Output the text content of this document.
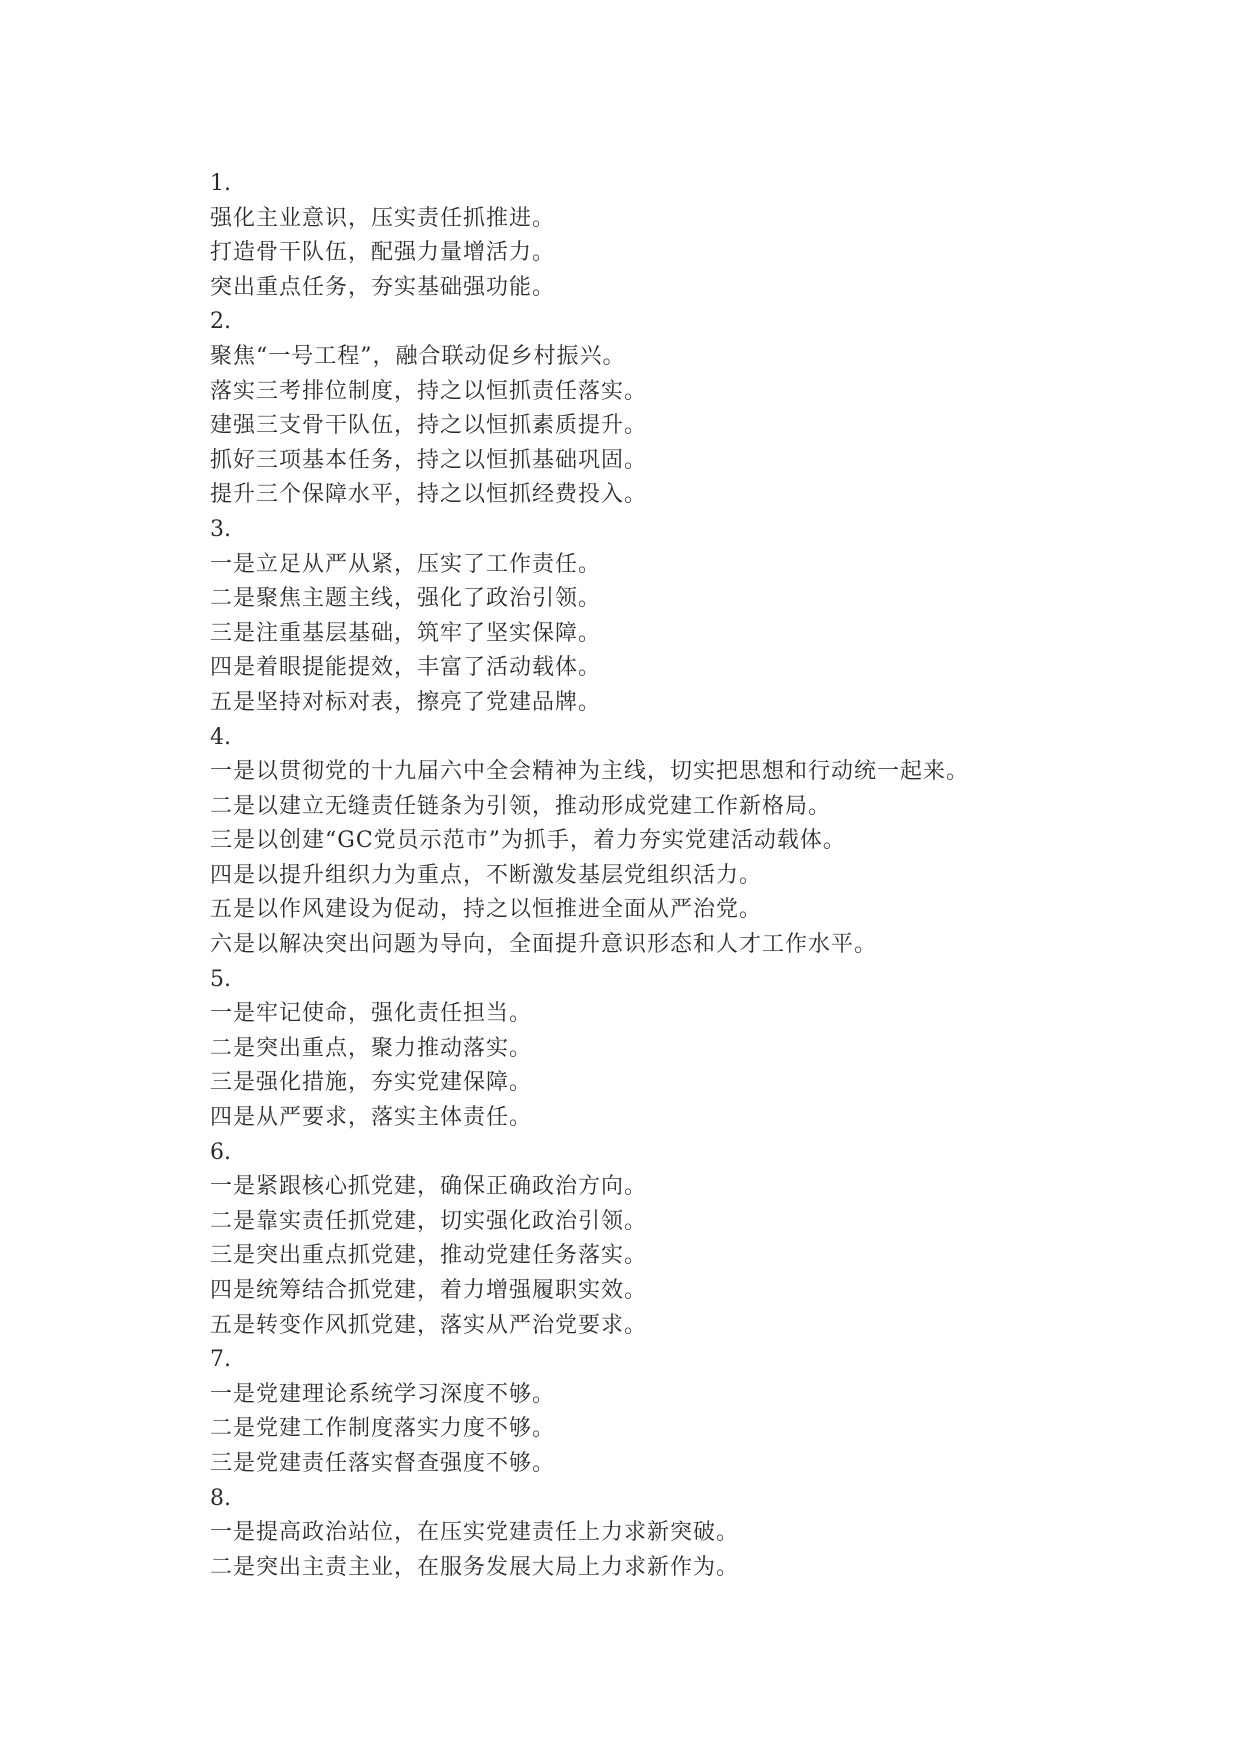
1.
强化主业意识，压实责任抓推进。
打造骨干队伍，配强力量增活力。
突出重点任务，夯实基础强功能。
2.
聚焦“一号工程”，融合联动促乡村振兴。
落实三考排位制度，持之以恒抓责任落实。
建强三支骨干队伍，持之以恒抓素质提升。
抓好三项基本任务，持之以恒抓基础巩固。
提升三个保障水平，持之以恒抓经费投入。
3.
一是立足从严从紧，压实了工作责任。
二是聚焦主题主线，强化了政治引领。
三是注重基层基础，筑牢了坚实保障。
四是着眼提能提效，丰富了活动载体。
五是坚持对标对表，擦亮了党建品牌。
4.
一是以贯彻党的十九届六中全会精神为主线，切实把思想和行动统一起来。
二是以建立无缝责任链条为引领，推动形成党建工作新格局。
三是以创建“GC党员示范市”为抓手，着力夯实党建活动载体。
四是以提升组织力为重点，不断激发基层党组织活力。
五是以作风建设为促动，持之以恒推进全面从严治党。
六是以解决突出问题为导向，全面提升意识形态和人才工作水平。
5.
一是牢记使命，强化责任担当。
二是突出重点，聚力推动落实。
三是强化措施，夯实党建保障。
四是从严要求，落实主体责任。
6.
一是紧跟核心抓党建，确保正确政治方向。
二是靠实责任抓党建，切实强化政治引领。
三是突出重点抓党建，推动党建任务落实。
四是统筹结合抓党建，着力增强履职实效。
五是转变作风抓党建，落实从严治党要求。
7.
一是党建理论系统学习深度不够。
二是党建工作制度落实力度不够。
三是党建责任落实督查强度不够。
8.
一是提高政治站位，在压实党建责任上力求新突破。
二是突出主责主业，在服务发展大局上力求新作为。
